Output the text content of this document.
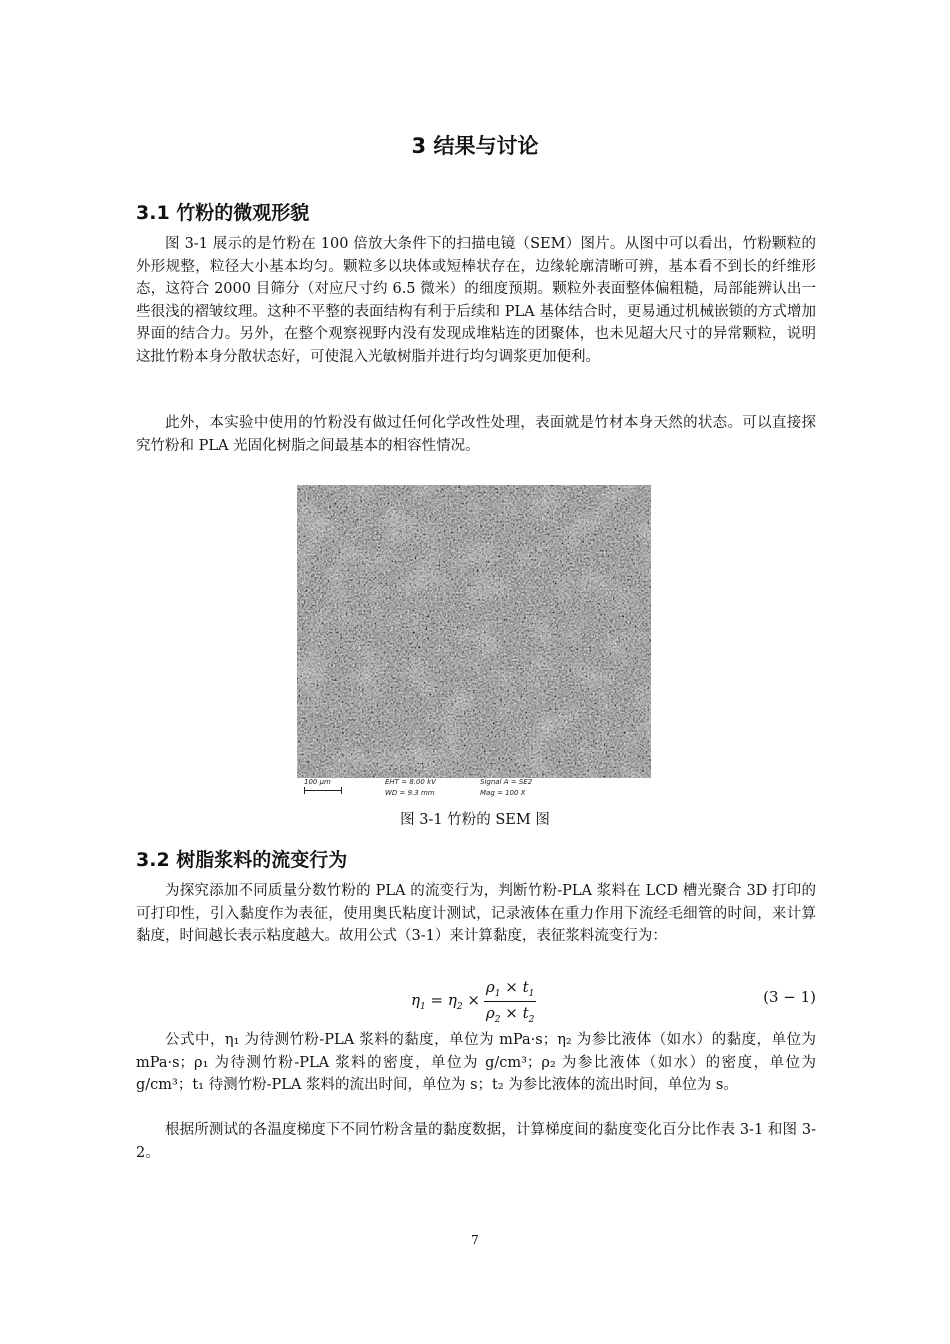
3 结果与讨论
3.1 竹粉的微观形貌

图 3-1 展示的是竹粉在 100 倍放大条件下的扫描电镜（SEM）图片。从图中可以看出，竹粉颗粒的外形规整，粒径大小基本均匀。颗粒多以块体或短棒状存在，边缘轮廓清晰可辨，基本看不到长的纤维形态，这符合 2000 目筛分（对应尺寸约 6.5 微米）的细度预期。颗粒外表面整体偏粗糙，局部能辨认出一些很浅的褶皱纹理。这种不平整的表面结构有利于后续和 PLA 基体结合时，更易通过机械嵌锁的方式增加界面的结合力。另外，在整个观察视野内没有发现成堆粘连的团聚体，也未见超大尺寸的异常颗粒，说明这批竹粉本身分散状态好，可使混入光敏树脂并进行均匀调浆更加便利。

此外，本实验中使用的竹粉没有做过任何化学改性处理，表面就是竹材本身天然的状态。可以直接探究竹粉和 PLA 光固化树脂之间最基本的相容性情况。

100 µm	EHT = 8.00 kV
WD = 9.3 mm
Signal A = SE2
Mag = 100 X

图 3-1 竹粉的 SEM 图

3.2 树脂浆料的流变行为

为探究添加不同质量分数竹粉的 PLA 的流变行为，判断竹粉-PLA 浆料在 LCD 槽光聚合 3D 打印的可打印性，引入黏度作为表征，使用奥氏粘度计测试，记录液体在重力作用下流经毛细管的时间，来计算黏度，时间越长表示粘度越大。故用公式（3-1）来计算黏度，表征浆料流变行为：

$\eta_1 = \eta_2 \times \frac{\rho_1 \times t_1}{\rho_2 \times t_2}$	(3 − 1)

公式中，η₁ 为待测竹粉-PLA 浆料的黏度，单位为 mPa·s；η₂ 为参比液体（如水）的黏度，单位为 mPa·s；ρ₁ 为待测竹粉-PLA 浆料的密度，单位为 g/cm³；ρ₂ 为参比液体（如水）的密度，单位为 g/cm³；t₁ 待测竹粉-PLA 浆料的流出时间，单位为 s；t₂ 为参比液体的流出时间，单位为 s。

根据所测试的各温度梯度下不同竹粉含量的黏度数据，计算梯度间的黏度变化百分比作表 3-1 和图 3-2。

7
